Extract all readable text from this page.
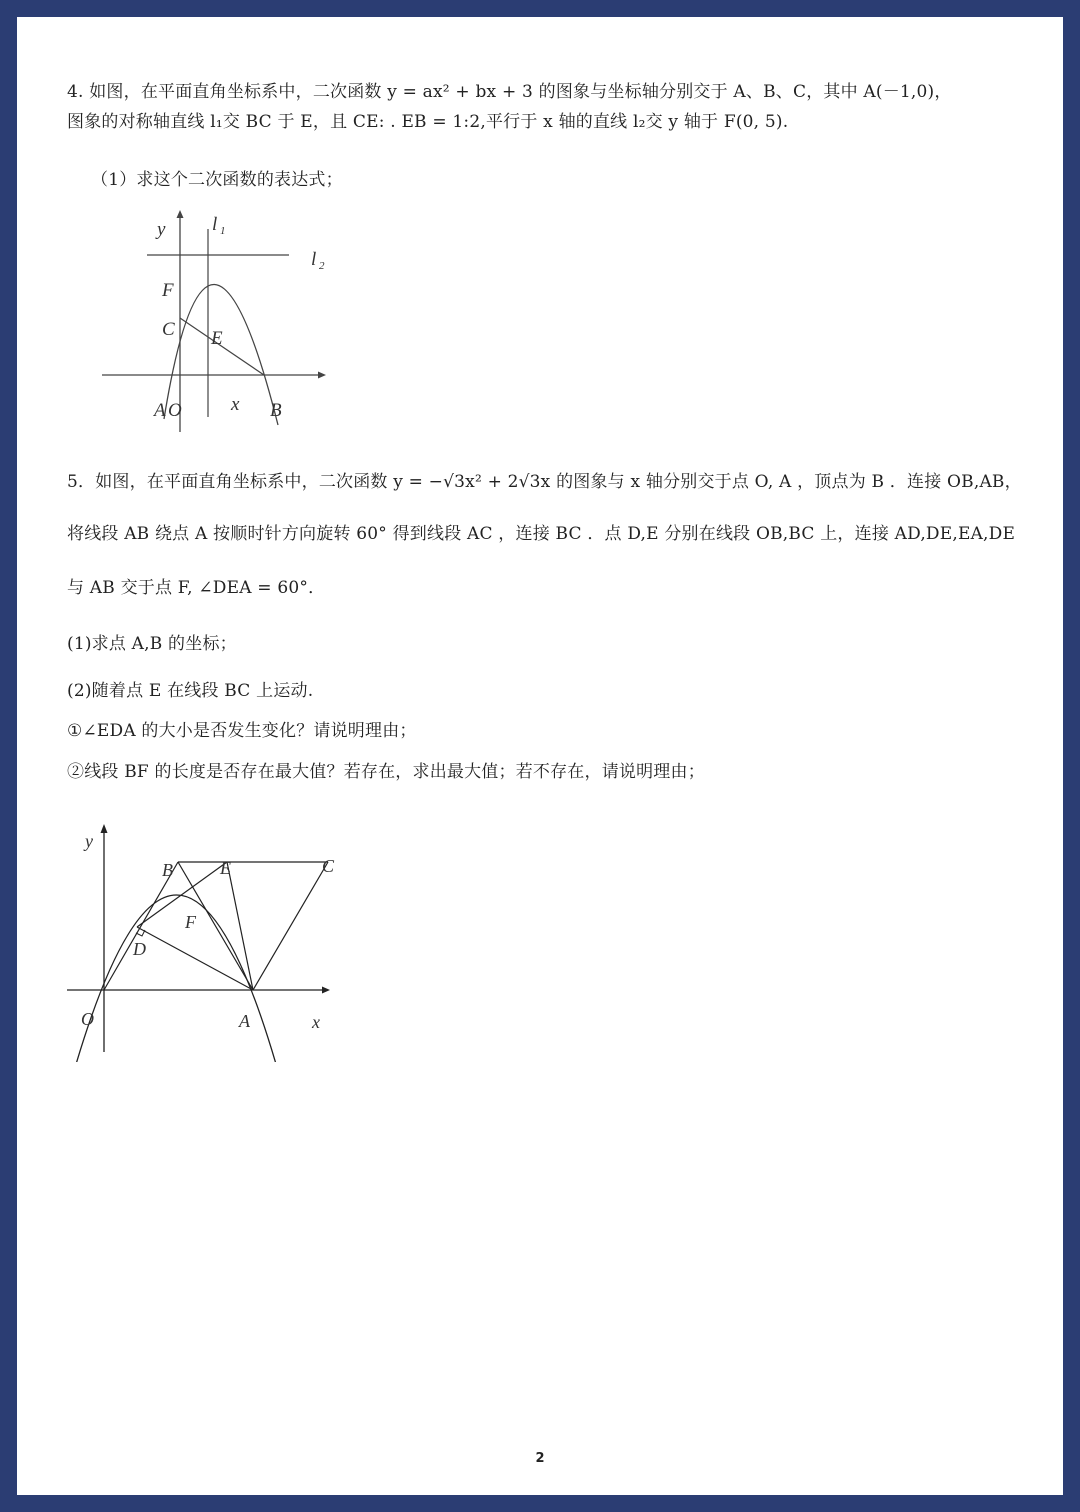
4. 如图，在平面直角坐标系中，二次函数 y = ax² + bx + 3 的图象与坐标轴分别交于 A、B、C，其中 A(－1,0)，
图象的对称轴直线 l₁交 BC 于 E，且 CE: . EB = 1:2,平行于 x 轴的直线 l₂交 y 轴于 F(0, 5).
（1）求这个二次函数的表达式；
y
x
l 1
l 2
F
C E
A O	B
5．如图，在平面直角坐标系中，二次函数 y = −√3x² + 2√3x 的图象与 x 轴分别交于点 O, A ，顶点为 B ．连接 OB,AB，
将线段 AB 绕点 A 按顺时针方向旋转 60° 得到线段 AC ，连接 BC ．点 D,E 分别在线段 OB,BC 上，连接 AD,DE,EA,DE
与 AB 交于点 F, ∠DEA = 60°．
(1)求点 A,B 的坐标；
(2)随着点 E 在线段 BC 上运动.
①∠EDA 的大小是否发生变化？请说明理由；
②线段 BF 的长度是否存在最大值？若存在，求出最大值；若不存在，请说明理由；
y
x
B	E	C
F
D
O	A
2
